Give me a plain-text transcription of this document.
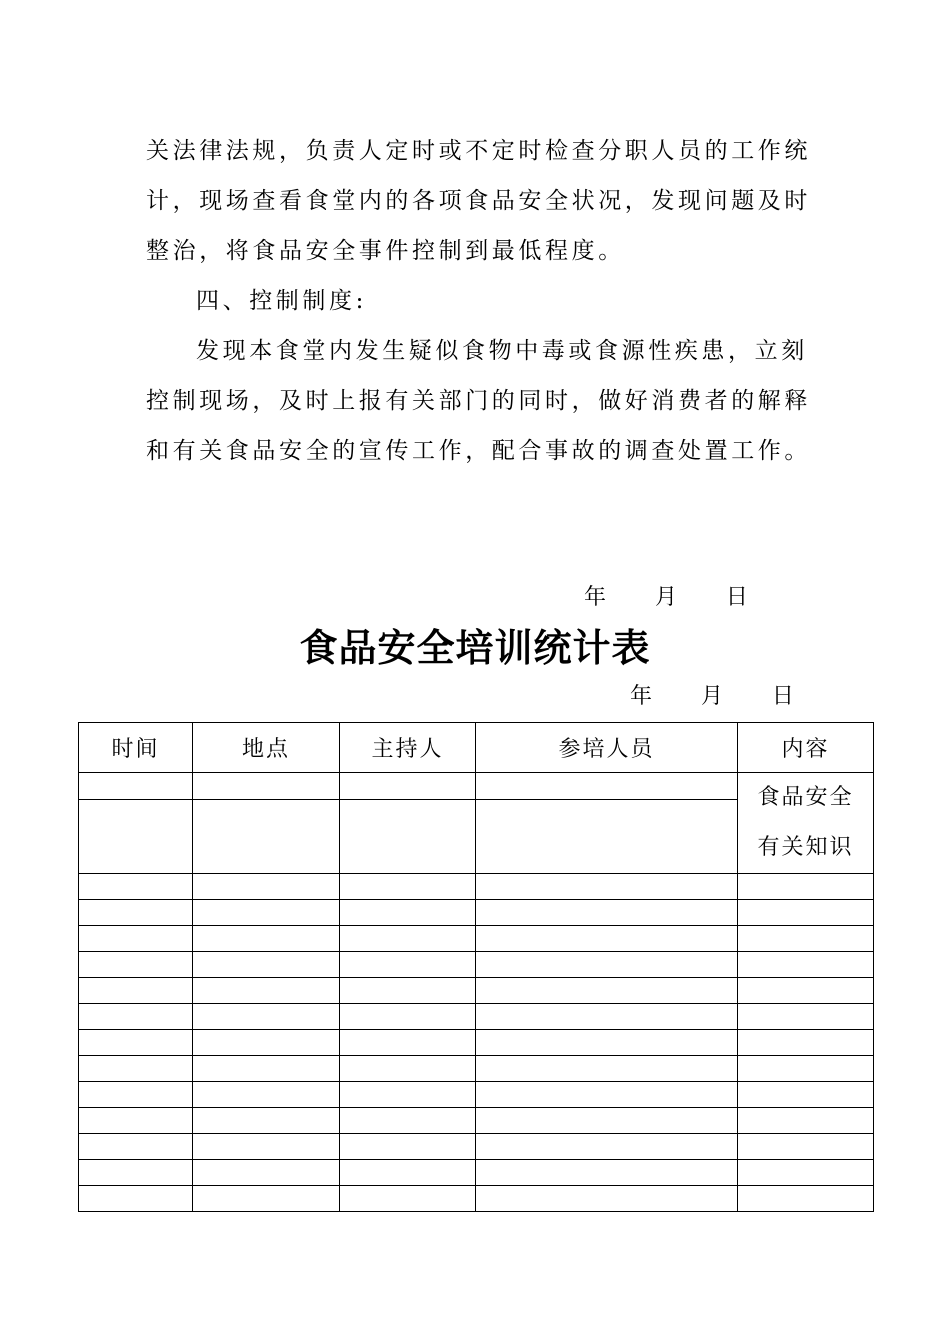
关法律法规，负责人定时或不定时检查分职人员的工作统
计，现场查看食堂内的各项食品安全状况，发现问题及时
整治，将食品安全事件控制到最低程度。
四、控制制度:
发现本食堂内发生疑似食物中毒或食源性疾患，立刻
控制现场，及时上报有关部门的同时，做好消费者的解释
和有关食品安全的宣传工作，配合事故的调查处置工作。
年       月       日
食品安全培训统计表
年       月       日
时间	地点	主持人	参培人员	内容

				食品安全
有关知识
